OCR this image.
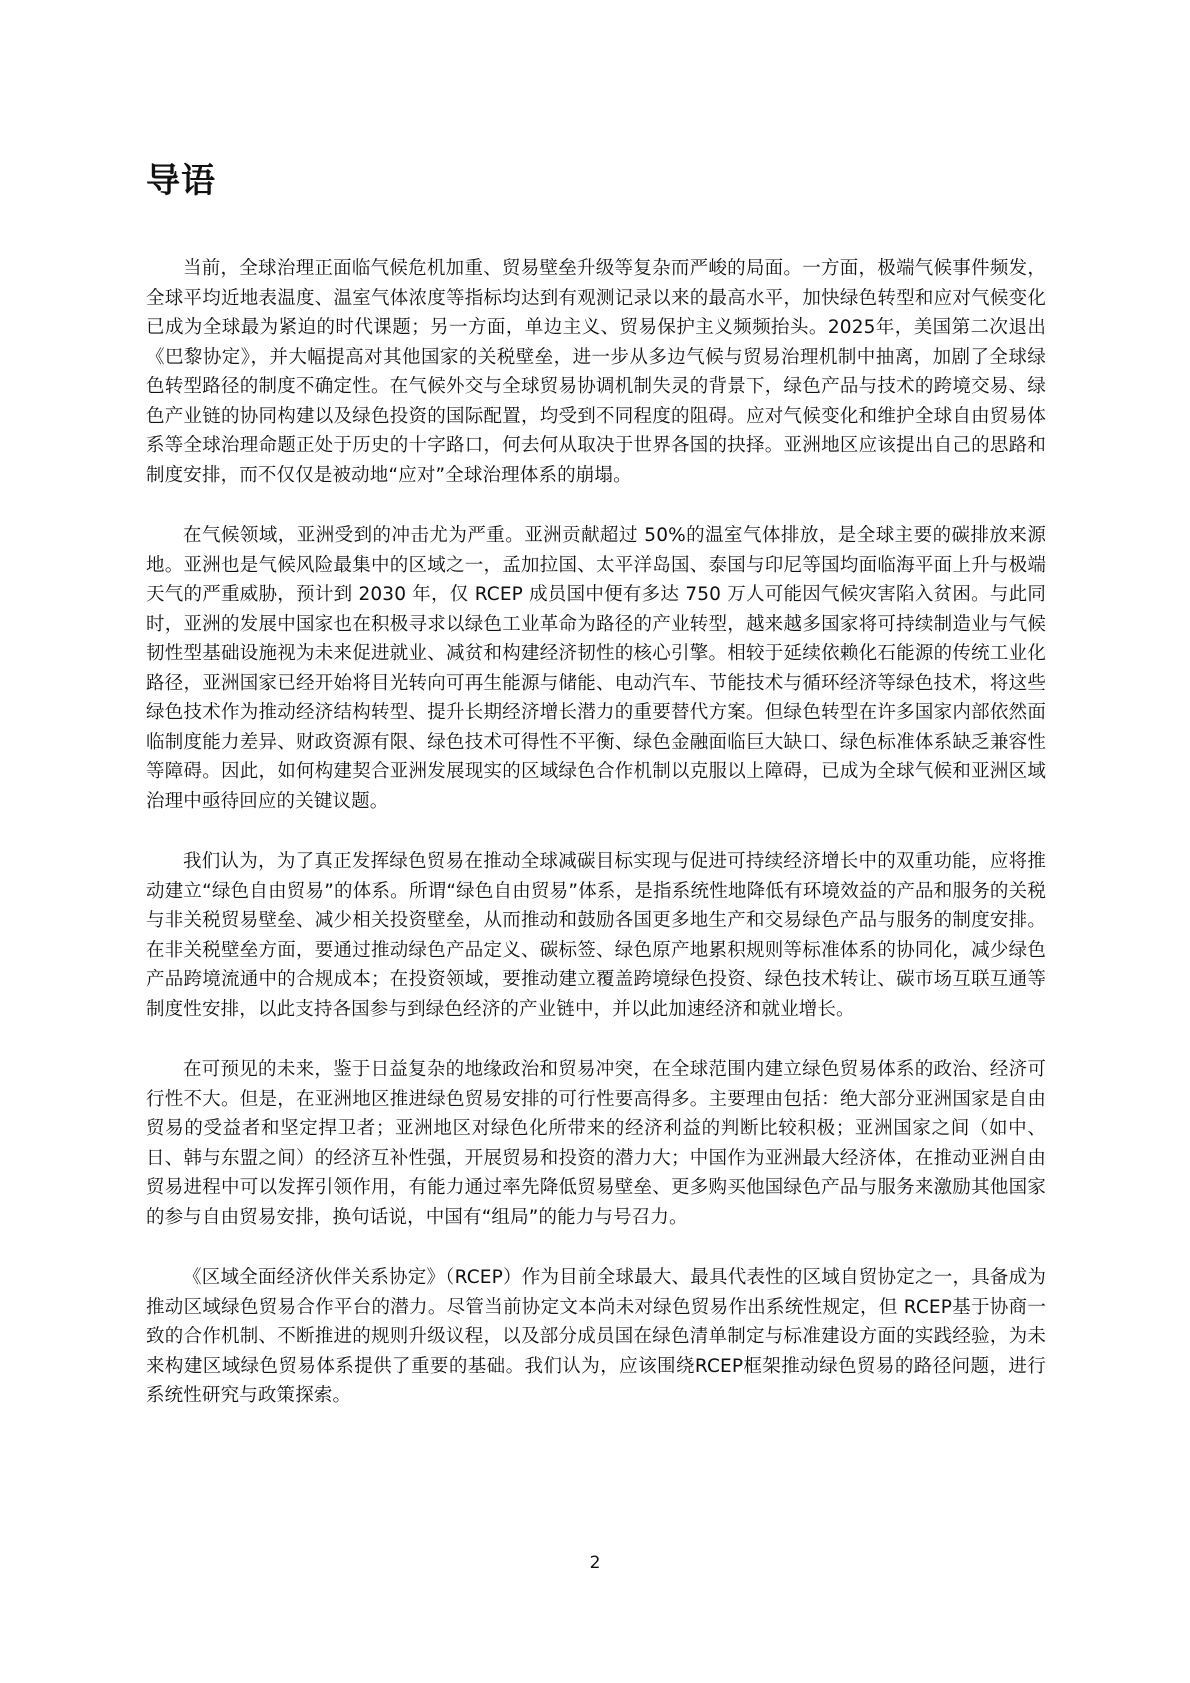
导语

当前，全球治理正面临气候危机加重、贸易壁垒升级等复杂而严峻的局面。一方面，极端气候事件频发，全球平均近地表温度、温室气体浓度等指标均达到有观测记录以来的最高水平，加快绿色转型和应对气候变化已成为全球最为紧迫的时代课题；另一方面，单边主义、贸易保护主义频频抬头。2025年，美国第二次退出《巴黎协定》，并大幅提高对其他国家的关税壁垒，进一步从多边气候与贸易治理机制中抽离，加剧了全球绿色转型路径的制度不确定性。在气候外交与全球贸易协调机制失灵的背景下，绿色产品与技术的跨境交易、绿色产业链的协同构建以及绿色投资的国际配置，均受到不同程度的阻碍。应对气候变化和维护全球自由贸易体系等全球治理命题正处于历史的十字路口，何去何从取决于世界各国的抉择。亚洲地区应该提出自己的思路和制度安排，而不仅仅是被动地“应对”全球治理体系的崩塌。

在气候领域，亚洲受到的冲击尤为严重。亚洲贡献超过 50%的温室气体排放，是全球主要的碳排放来源地。亚洲也是气候风险最集中的区域之一，孟加拉国、太平洋岛国、泰国与印尼等国均面临海平面上升与极端天气的严重威胁，预计到 2030 年，仅 RCEP 成员国中便有多达 750 万人可能因气候灾害陷入贫困。与此同时，亚洲的发展中国家也在积极寻求以绿色工业革命为路径的产业转型，越来越多国家将可持续制造业与气候韧性型基础设施视为未来促进就业、减贫和构建经济韧性的核心引擎。相较于延续依赖化石能源的传统工业化路径，亚洲国家已经开始将目光转向可再生能源与储能、电动汽车、节能技术与循环经济等绿色技术，将这些绿色技术作为推动经济结构转型、提升长期经济增长潜力的重要替代方案。但绿色转型在许多国家内部依然面临制度能力差异、财政资源有限、绿色技术可得性不平衡、绿色金融面临巨大缺口、绿色标准体系缺乏兼容性等障碍。因此，如何构建契合亚洲发展现实的区域绿色合作机制以克服以上障碍，已成为全球气候和亚洲区域治理中亟待回应的关键议题。

我们认为，为了真正发挥绿色贸易在推动全球减碳目标实现与促进可持续经济增长中的双重功能，应将推动建立“绿色自由贸易”的体系。所谓“绿色自由贸易”体系，是指系统性地降低有环境效益的产品和服务的关税与非关税贸易壁垒、减少相关投资壁垒，从而推动和鼓励各国更多地生产和交易绿色产品与服务的制度安排。在非关税壁垒方面，要通过推动绿色产品定义、碳标签、绿色原产地累积规则等标准体系的协同化，减少绿色产品跨境流通中的合规成本；在投资领域，要推动建立覆盖跨境绿色投资、绿色技术转让、碳市场互联互通等制度性安排，以此支持各国参与到绿色经济的产业链中，并以此加速经济和就业增长。

在可预见的未来，鉴于日益复杂的地缘政治和贸易冲突，在全球范围内建立绿色贸易体系的政治、经济可行性不大。但是，在亚洲地区推进绿色贸易安排的可行性要高得多。主要理由包括：绝大部分亚洲国家是自由贸易的受益者和坚定捍卫者；亚洲地区对绿色化所带来的经济利益的判断比较积极；亚洲国家之间（如中、日、韩与东盟之间）的经济互补性强，开展贸易和投资的潜力大；中国作为亚洲最大经济体，在推动亚洲自由贸易进程中可以发挥引领作用，有能力通过率先降低贸易壁垒、更多购买他国绿色产品与服务来激励其他国家的参与自由贸易安排，换句话说，中国有“组局”的能力与号召力。

《区域全面经济伙伴关系协定》（RCEP）作为目前全球最大、最具代表性的区域自贸协定之一，具备成为推动区域绿色贸易合作平台的潜力。尽管当前协定文本尚未对绿色贸易作出系统性规定，但 RCEP基于协商一致的合作机制、不断推进的规则升级议程，以及部分成员国在绿色清单制定与标准建设方面的实践经验，为未来构建区域绿色贸易体系提供了重要的基础。我们认为，应该围绕RCEP框架推动绿色贸易的路径问题，进行系统性研究与政策探索。

2
